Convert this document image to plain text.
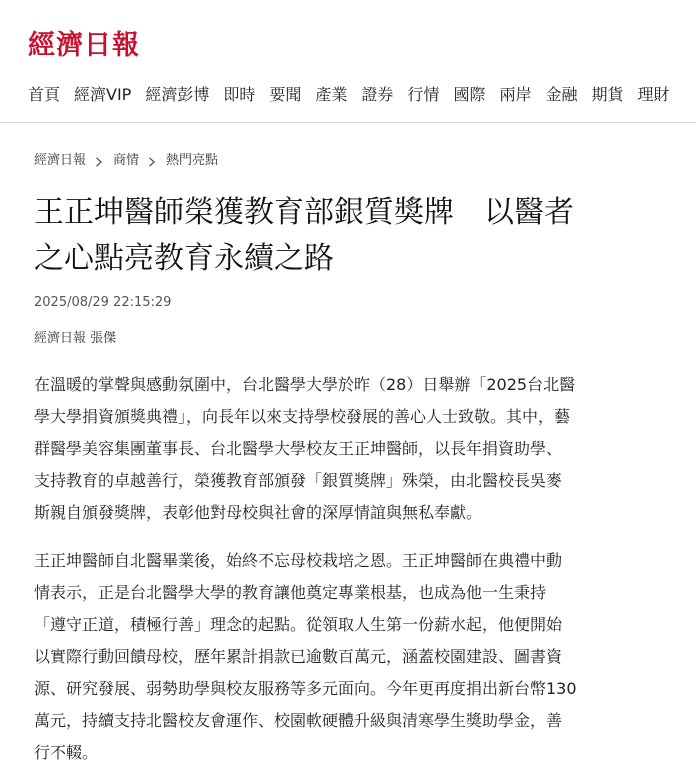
經濟日報
首頁 經濟VIP 經濟彭博 即時 要聞 產業 證券 行情 國際 兩岸 金融 期貨 理財
經濟日報 商情 熱門亮點
王正坤醫師榮獲教育部銀質獎牌　以醫者
之心點亮教育永續之路
2025/08/29 22:15:29
經濟日報 張傑

在溫暖的掌聲與感動氛圍中，台北醫學大學於昨（28）日舉辦「2025台北醫
學大學捐資頒獎典禮」，向長年以來支持學校發展的善心人士致敬。其中，藝
群醫學美容集團董事長、台北醫學大學校友王正坤醫師，以長年捐資助學、
支持教育的卓越善行，榮獲教育部頒發「銀質獎牌」殊榮，由北醫校長吳麥
斯親自頒發獎牌，表彰他對母校與社會的深厚情誼與無私奉獻。

王正坤醫師自北醫畢業後，始終不忘母校栽培之恩。王正坤醫師在典禮中動
情表示，正是台北醫學大學的教育讓他奠定專業根基，也成為他一生秉持
「遵守正道，積極行善」理念的起點。從領取人生第一份薪水起，他便開始
以實際行動回饋母校，歷年累計捐款已逾數百萬元，涵蓋校園建設、圖書資
源、研究發展、弱勢助學與校友服務等多元面向。今年更再度捐出新台幣130
萬元，持續支持北醫校友會運作、校園軟硬體升級與清寒學生獎助學金，善
行不輟。
